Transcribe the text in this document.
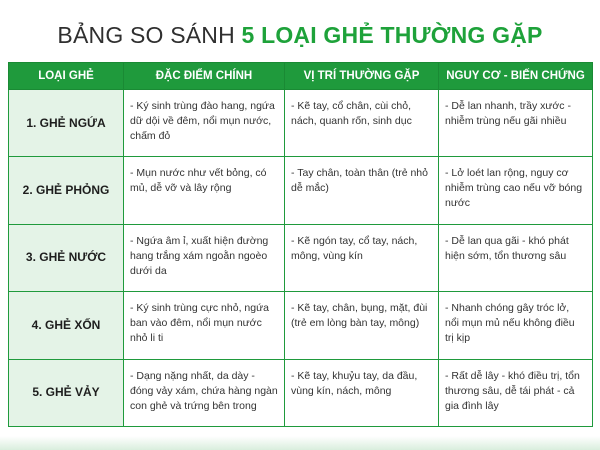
BẢNG SO SÁNH 5 LOẠI GHẺ THƯỜNG GẶP
LOẠI GHẺ	ĐẶC ĐIỂM CHÍNH	VỊ TRÍ THƯỜNG GẶP	NGUY CƠ - BIẾN CHỨNG
1. GHẺ NGỨA	- Ký sinh trùng đào hang, ngứa dữ dội về đêm, nổi mụn nước, chấm đỏ	- Kẽ tay, cổ chân, cùi chỏ, nách, quanh rốn, sinh dục	- Dễ lan nhanh, trầy xước - nhiễm trùng nếu gãi nhiều
2. GHẺ PHỎNG	- Mụn nước như vết bỏng, có mủ, dễ vỡ và lây rộng	- Tay chân, toàn thân (trẻ nhỏ dễ mắc)	- Lở loét lan rộng, nguy cơ nhiễm trùng cao nếu vỡ bóng nước
3. GHẺ NƯỚC	- Ngứa âm ỉ, xuất hiện đường hang trắng xám ngoằn ngoèo dưới da	- Kẽ ngón tay, cổ tay, nách, mông, vùng kín	- Dễ lan qua gãi - khó phát hiện sớm, tổn thương sâu
4. GHẺ XỐN	- Ký sinh trùng cực nhỏ, ngứa ban vào đêm, nổi mụn nước nhỏ li ti	- Kẽ tay, chân, bụng, mặt, đùi (trẻ em lòng bàn tay, mông)	- Nhanh chóng gây tróc lở, nổi mụn mủ nếu không điều trị kịp
5. GHẺ VẢY	- Dạng nặng nhất, da dày - đóng vảy xám, chứa hàng ngàn con ghẻ và trứng bên trong	- Kẽ tay, khuỷu tay, da đầu, vùng kín, nách, mông	- Rất dễ lây - khó điều trị, tổn thương sâu, dễ tái phát - cả gia đình lây
